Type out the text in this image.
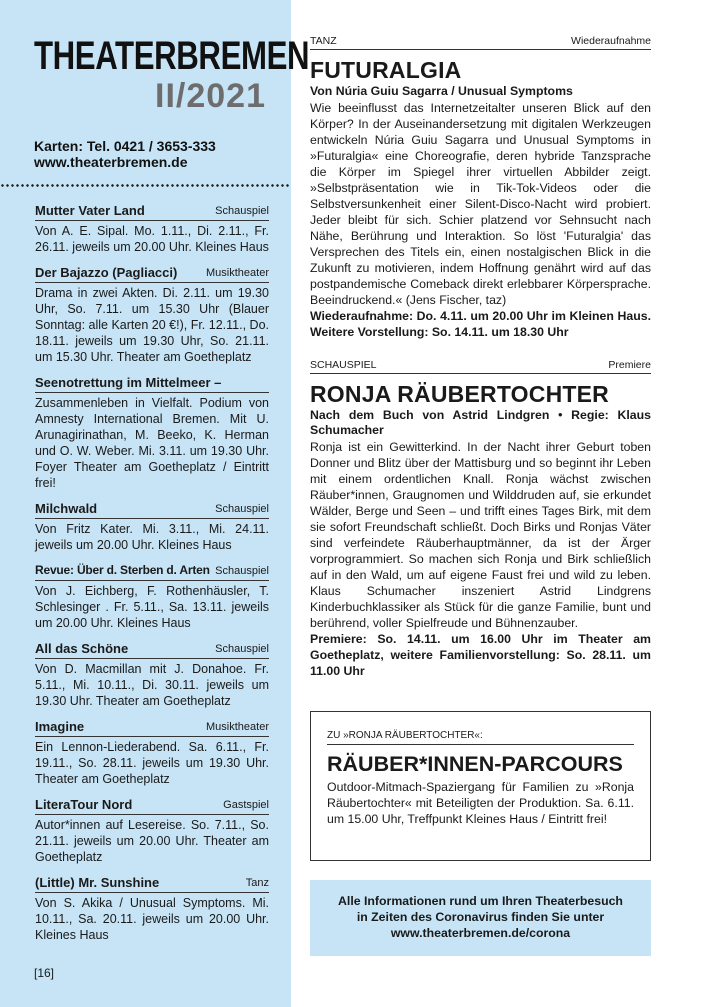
THEATERBREMEN
II/2021
Karten: Tel. 0421 / 3653-333
www.theaterbremen.de
Mutter Vater Land	Schauspiel
Von A. E. Sipal. Mo. 1.11., Di. 2.11., Fr. 26.11. jeweils um 20.00 Uhr. Kleines Haus
Der Bajazzo (Pagliacci)	Musiktheater
Drama in zwei Akten. Di. 2.11. um 19.30 Uhr, So. 7.11. um 15.30 Uhr (Blauer Sonntag: alle Karten 20 €!), Fr. 12.11., Do. 18.11. jeweils um 19.30 Uhr, So. 21.11. um 15.30 Uhr. Theater am Goetheplatz
Seenotrettung im Mittelmeer –
Zusammenleben in Vielfalt. Podium von Amnesty International Bremen. Mit U. Arunagirinathan, M. Beeko, K. Herman und O. W. Weber. Mi. 3.11. um 19.30 Uhr. Foyer Theater am Goetheplatz / Eintritt frei!
Milchwald	Schauspiel
Von Fritz Kater. Mi. 3.11., Mi. 24.11. jeweils um 20.00 Uhr. Kleines Haus
Revue: Über d. Sterben d. Arten Schauspiel
Von J. Eichberg, F. Rothenhäusler, T. Schlesinger . Fr. 5.11., Sa. 13.11. jeweils um 20.00 Uhr. Kleines Haus
All das Schöne	Schauspiel
Von D. Macmillan mit J. Donahoe. Fr. 5.11., Mi. 10.11., Di. 30.11. jeweils um 19.30 Uhr. Theater am Goetheplatz
Imagine	Musiktheater
Ein Lennon-Liederabend. Sa. 6.11., Fr. 19.11., So. 28.11. jeweils um 19.30 Uhr. Theater am Goetheplatz
LiteraTour Nord	Gastspiel
Autor*innen auf Lesereise. So. 7.11., So. 21.11. jeweils um 20.00 Uhr. Theater am Goetheplatz
(Little) Mr. Sunshine	Tanz
Von S. Akika / Unusual Symptoms. Mi. 10.11., Sa. 20.11. jeweils um 20.00 Uhr. Kleines Haus
[16]
TANZ	Wiederaufnahme
FUTURALGIA
Von Núria Guiu Sagarra / Unusual Symptoms
Wie beeinflusst das Internetzeitalter unseren Blick auf den Körper? In der Auseinandersetzung mit digitalen Werkzeugen entwickeln Núria Guiu Sagarra und Unusual Symptoms in »Futuralgia« eine Choreografie, deren hybride Tanzsprache die Körper im Spiegel ihrer virtuellen Abbilder zeigt. »Selbstpräsentation wie in Tik-Tok-Videos oder die Selbstversunkenheit einer Silent-Disco-Nacht wird probiert. Jeder bleibt für sich. Schier platzend vor Sehnsucht nach Nähe, Berührung und Interaktion. So löst 'Futuralgia' das Versprechen des Titels ein, einen nostalgischen Blick in die Zukunft zu motivieren, indem Hoffnung genährt wird auf das postpandemische Comeback direkt erlebbarer Körpersprache. Beeindruckend.« (Jens Fischer, taz)
Wiederaufnahme: Do. 4.11. um 20.00 Uhr im Kleinen Haus. Weitere Vorstellung: So. 14.11. um 18.30 Uhr
SCHAUSPIEL	Premiere
RONJA RÄUBERTOCHTER
Nach dem Buch von Astrid Lindgren • Regie: Klaus Schumacher
Ronja ist ein Gewitterkind. In der Nacht ihrer Geburt toben Donner und Blitz über der Mattisburg und so beginnt ihr Leben mit einem ordentlichen Knall. Ronja wächst zwischen Räuber*innen, Graugnomen und Wilddruden auf, sie erkundet Wälder, Berge und Seen – und trifft eines Tages Birk, mit dem sie sofort Freundschaft schließt. Doch Birks und Ronjas Väter sind verfeindete Räuberhauptmänner, da ist der Ärger vorprogrammiert. So machen sich Ronja und Birk schließlich auf in den Wald, um auf eigene Faust frei und wild zu leben. Klaus Schumacher inszeniert Astrid Lindgrens Kinderbuchklassiker als Stück für die ganze Familie, bunt und berührend, voller Spielfreude und Bühnenzauber.
Premiere: So. 14.11. um 16.00 Uhr im Theater am Goetheplatz, weitere Familienvorstellung: So. 28.11. um 11.00 Uhr
ZU »RONJA RÄUBERTOCHTER«:
RÄUBER*INNEN-PARCOURS
Outdoor-Mitmach-Spaziergang für Familien zu »Ronja Räubertochter« mit Beteiligten der Produktion. Sa. 6.11. um 15.00 Uhr, Treffpunkt Kleines Haus / Eintritt frei!
Alle Informationen rund um Ihren Theaterbesuch
in Zeiten des Coronavirus finden Sie unter
www.theaterbremen.de/corona
